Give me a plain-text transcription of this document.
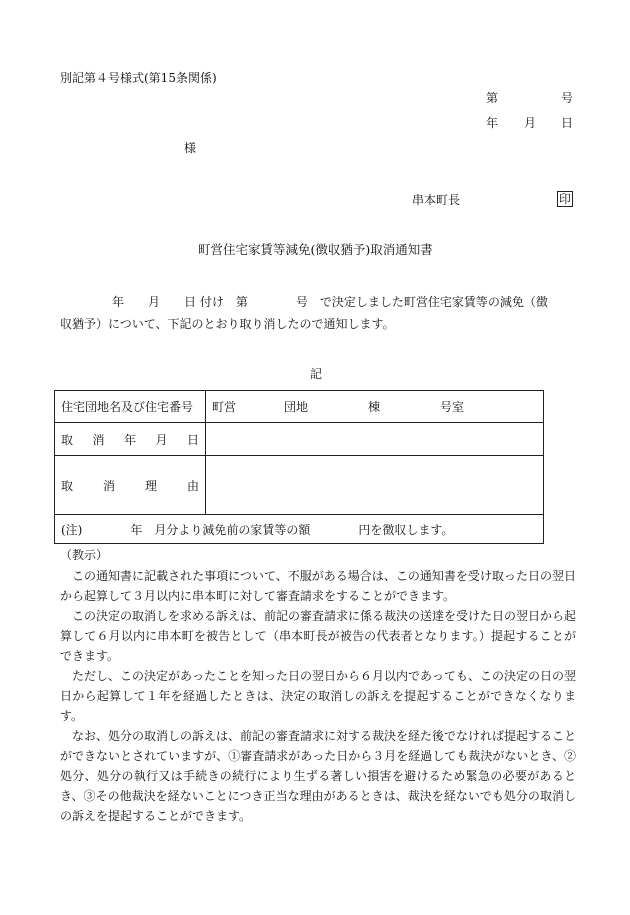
別記第４号様式(第15条関係)
第	号
年 月 日
様
串本町長	印
町営住宅家賃等減免(徴収猶予)取消通知書
年　　月　　日 付け　第　　　　号　で決定しました町営住宅家賃等の減免（徴
収猶予）について、下記のとおり取り消したので通知します。
記
住宅団地名及び住宅番号	町営　　　　団地　　　　　棟　　　　　号室

取 消 年 月 日	

取 消 理 由	

(注)　　　　年　月分より減免前の家賃等の額　　　　円を徴収します。	
（教示）

この通知書に記載された事項について、不服がある場合は、この通知書を受け取った日の翌日から起算して３月以内に串本町に対して審査請求をすることができます。

この決定の取消しを求める訴えは、前記の審査請求に係る裁決の送達を受けた日の翌日から起算して６月以内に串本町を被告として（串本町長が被告の代表者となります。）提起することができます。

ただし、この決定があったことを知った日の翌日から６月以内であっても、この決定の日の翌日から起算して１年を経過したときは、決定の取消しの訴えを提起することができなくなります。

なお、処分の取消しの訴えは、前記の審査請求に対する裁決を経た後でなければ提起することができないとされていますが、①審査請求があった日から３月を経過しても裁決がないとき、②処分、処分の執行又は手続きの続行により生ずる著しい損害を避けるため緊急の必要があるとき、③その他裁決を経ないことにつき正当な理由があるときは、裁決を経ないでも処分の取消しの訴えを提起することができます。
